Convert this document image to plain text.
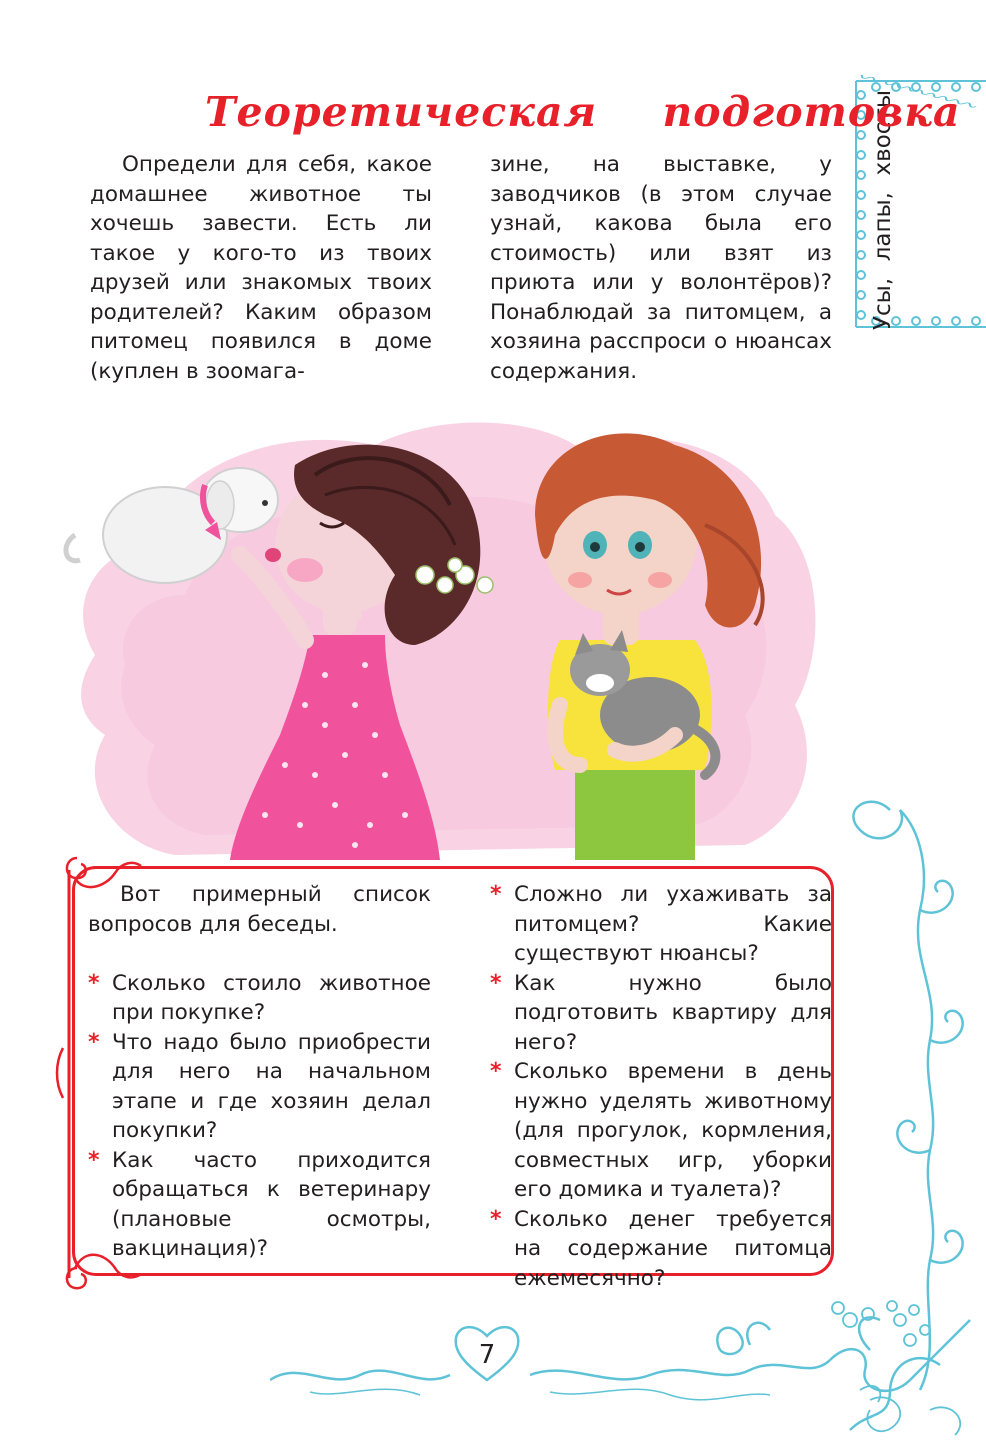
Усы, лапы, хвосты
Теоретическая подготовка
Определи для себя, какое домашнее животное ты хочешь завести. Есть ли такое у кого-то из твоих друзей или знакомых твоих родителей? Каким образом питомец появился в доме (куплен в зоомага-
зине, на выставке, у заводчиков (в этом случае узнай, какова была его стоимость) или взят из приюта или у волонтёров)? Понаблюдай за питомцем, а хозяина расспроси о нюансах содержания.

Вот примерный список вопросов для беседы.

* Сколько стоило животное при покупке?
* Что надо было приобрести для него на начальном этапе и где хозяин делал покупки?
* Как часто приходится обращаться к ветеринару (плановые осмотры, вакцинация)?
* Сложно ли ухаживать за питомцем? Какие существуют нюансы?
* Как нужно было подготовить квартиру для него?
* Сколько времени в день нужно уделять животному (для прогулок, кормления, совместных игр, уборки его домика и туалета)?
* Сколько денег требуется на содержание питомца ежемесячно?
7
